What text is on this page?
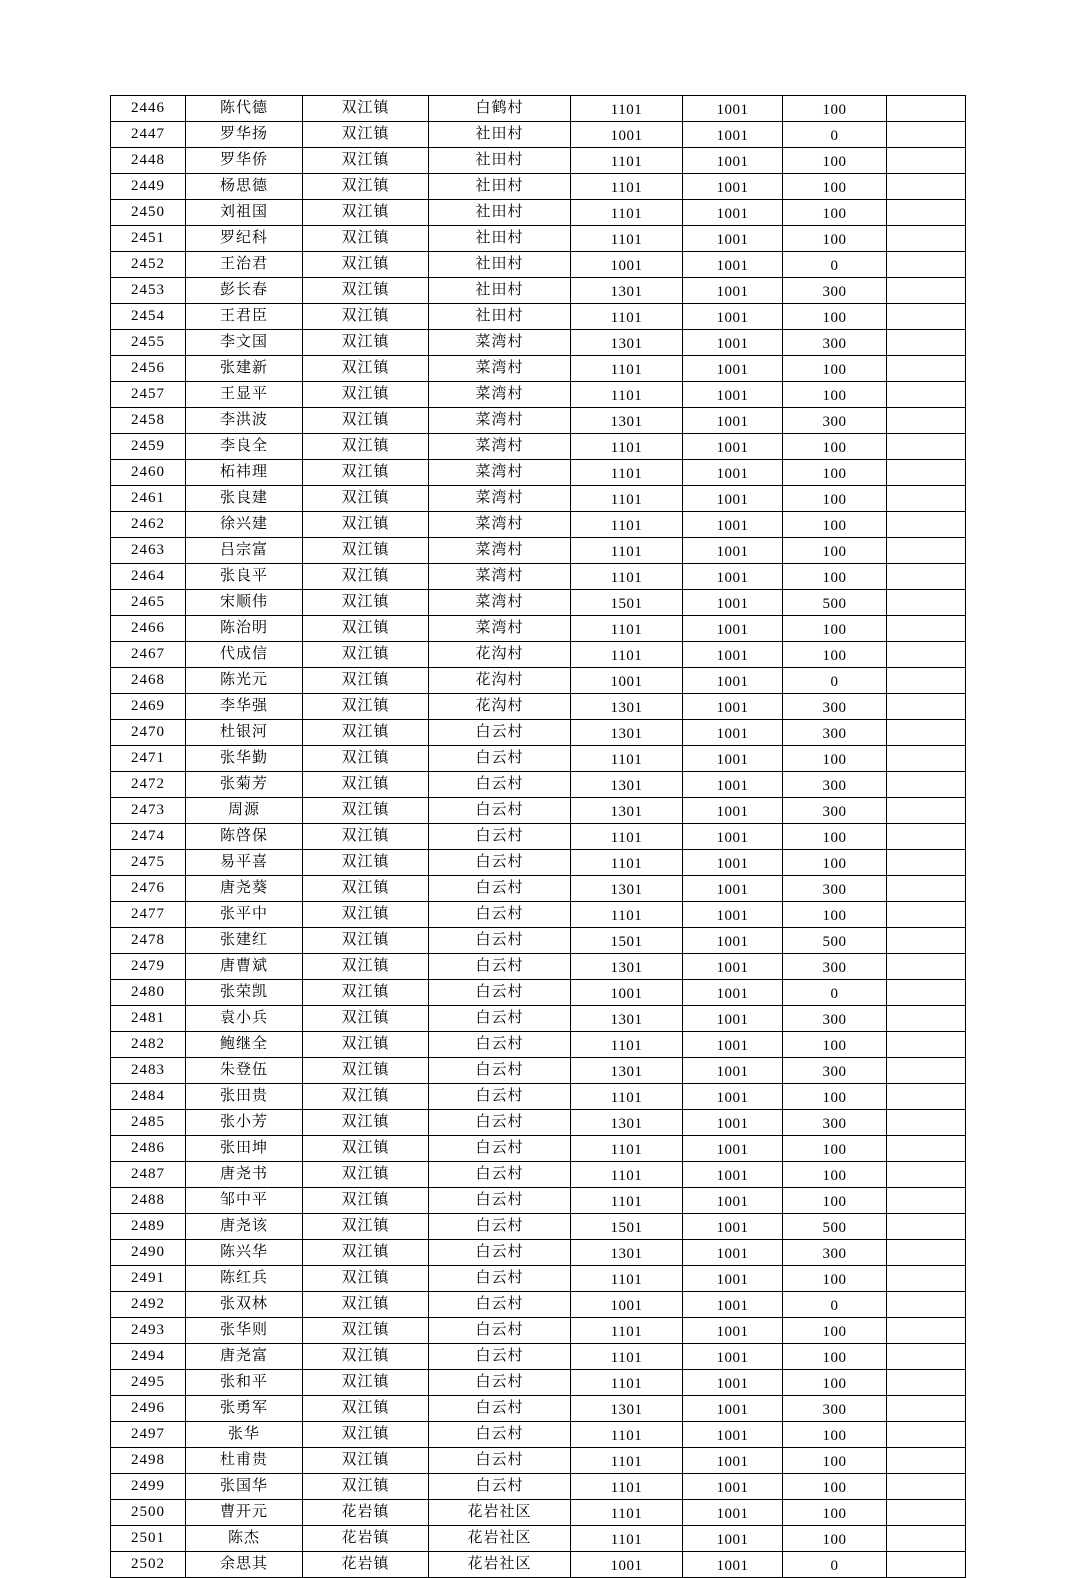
2446	陈代德	双江镇	白鹤村	1101	1001	100	
2447	罗华扬	双江镇	社田村	1001	1001	0	
2448	罗华侨	双江镇	社田村	1101	1001	100	
2449	杨思德	双江镇	社田村	1101	1001	100	
2450	刘祖国	双江镇	社田村	1101	1001	100	
2451	罗纪科	双江镇	社田村	1101	1001	100	
2452	王治君	双江镇	社田村	1001	1001	0	
2453	彭长春	双江镇	社田村	1301	1001	300	
2454	王君臣	双江镇	社田村	1101	1001	100	
2455	李文国	双江镇	菜湾村	1301	1001	300	
2456	张建新	双江镇	菜湾村	1101	1001	100	
2457	王显平	双江镇	菜湾村	1101	1001	100	
2458	李洪波	双江镇	菜湾村	1301	1001	300	
2459	李良全	双江镇	菜湾村	1101	1001	100	
2460	柘祎理	双江镇	菜湾村	1101	1001	100	
2461	张良建	双江镇	菜湾村	1101	1001	100	
2462	徐兴建	双江镇	菜湾村	1101	1001	100	
2463	吕宗富	双江镇	菜湾村	1101	1001	100	
2464	张良平	双江镇	菜湾村	1101	1001	100	
2465	宋顺伟	双江镇	菜湾村	1501	1001	500	
2466	陈治明	双江镇	菜湾村	1101	1001	100	
2467	代成信	双江镇	花沟村	1101	1001	100	
2468	陈光元	双江镇	花沟村	1001	1001	0	
2469	李华强	双江镇	花沟村	1301	1001	300	
2470	杜银河	双江镇	白云村	1301	1001	300	
2471	张华勤	双江镇	白云村	1101	1001	100	
2472	张菊芳	双江镇	白云村	1301	1001	300	
2473	周源	双江镇	白云村	1301	1001	300	
2474	陈啓保	双江镇	白云村	1101	1001	100	
2475	易平喜	双江镇	白云村	1101	1001	100	
2476	唐尧葵	双江镇	白云村	1301	1001	300	
2477	张平中	双江镇	白云村	1101	1001	100	
2478	张建红	双江镇	白云村	1501	1001	500	
2479	唐曹斌	双江镇	白云村	1301	1001	300	
2480	张荣凯	双江镇	白云村	1001	1001	0	
2481	袁小兵	双江镇	白云村	1301	1001	300	
2482	鲍继全	双江镇	白云村	1101	1001	100	
2483	朱登伍	双江镇	白云村	1301	1001	300	
2484	张田贵	双江镇	白云村	1101	1001	100	
2485	张小芳	双江镇	白云村	1301	1001	300	
2486	张田坤	双江镇	白云村	1101	1001	100	
2487	唐尧书	双江镇	白云村	1101	1001	100	
2488	邹中平	双江镇	白云村	1101	1001	100	
2489	唐尧该	双江镇	白云村	1501	1001	500	
2490	陈兴华	双江镇	白云村	1301	1001	300	
2491	陈红兵	双江镇	白云村	1101	1001	100	
2492	张双林	双江镇	白云村	1001	1001	0	
2493	张华则	双江镇	白云村	1101	1001	100	
2494	唐尧富	双江镇	白云村	1101	1001	100	
2495	张和平	双江镇	白云村	1101	1001	100	
2496	张勇军	双江镇	白云村	1301	1001	300	
2497	张华	双江镇	白云村	1101	1001	100	
2498	杜甫贵	双江镇	白云村	1101	1001	100	
2499	张国华	双江镇	白云村	1101	1001	100	
2500	曹开元	花岩镇	花岩社区	1101	1001	100	
2501	陈杰	花岩镇	花岩社区	1101	1001	100	
2502	余思其	花岩镇	花岩社区	1001	1001	0	
